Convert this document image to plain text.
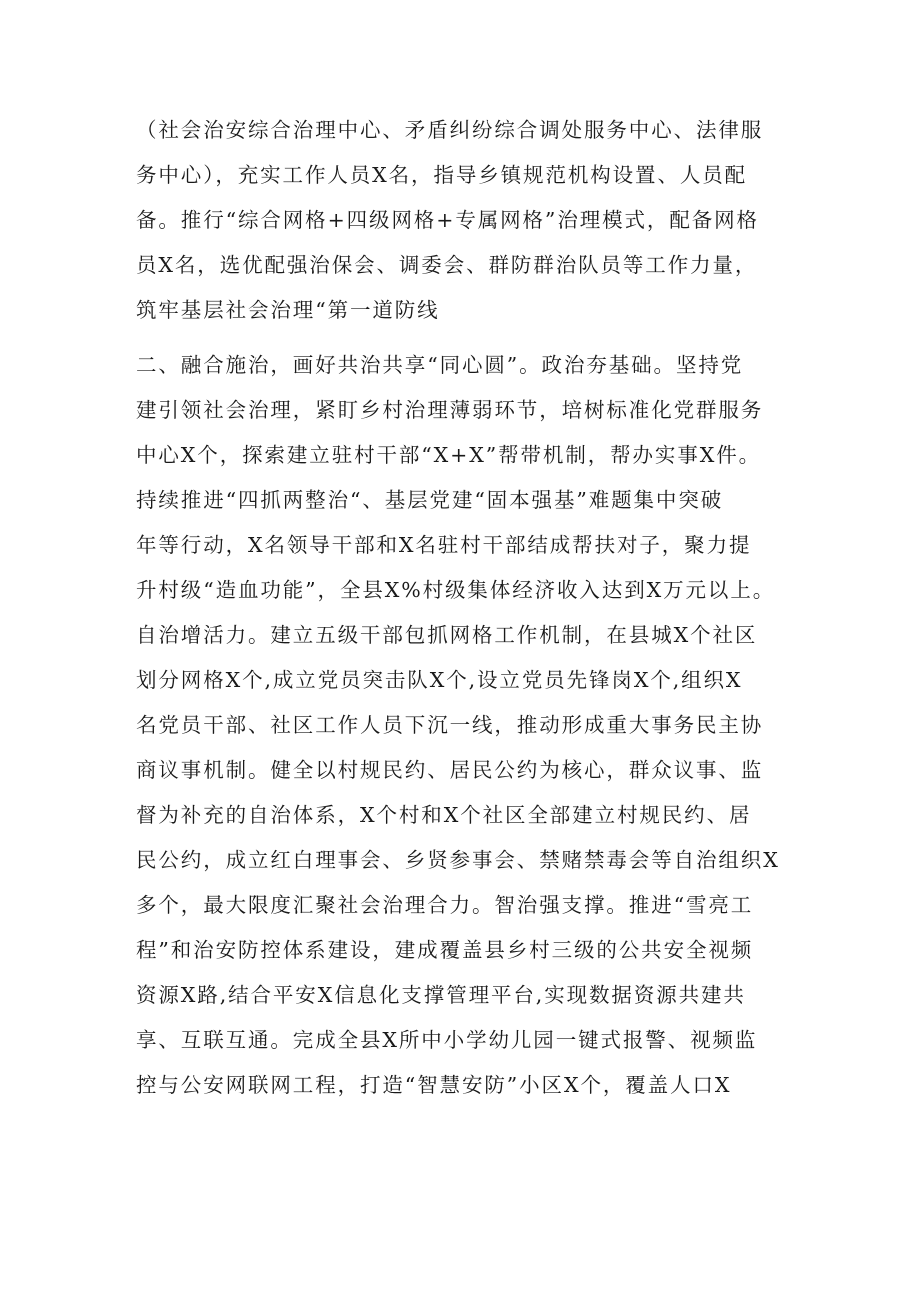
（社会治安综合治理中心、矛盾纠纷综合调处服务中心、法律服
务中心），充实工作人员X名，指导乡镇规范机构设置、人员配
备。推行“综合网格+四级网格+专属网格”治理模式，配备网格
员X名，选优配强治保会、调委会、群防群治队员等工作力量，
筑牢基层社会治理“第一道防线
二、融合施治，画好共治共享“同心圆”。政治夯基础。坚持党
建引领社会治理，紧盯乡村治理薄弱环节，培树标准化党群服务
中心X个，探索建立驻村干部“X+X”帮带机制，帮办实事X件。
持续推进“四抓两整治“、基层党建“固本强基”难题集中突破
年等行动，X名领导干部和X名驻村干部结成帮扶对子，聚力提
升村级“造血功能”，全县X%村级集体经济收入达到X万元以上。
自治增活力。建立五级干部包抓网格工作机制，在县城X个社区
划分网格X个,成立党员突击队X个,设立党员先锋岗X个,组织X
名党员干部、社区工作人员下沉一线，推动形成重大事务民主协
商议事机制。健全以村规民约、居民公约为核心，群众议事、监
督为补充的自治体系，X个村和X个社区全部建立村规民约、居
民公约，成立红白理事会、乡贤参事会、禁赌禁毒会等自治组织X
多个，最大限度汇聚社会治理合力。智治强支撑。推进“雪亮工
程”和治安防控体系建设，建成覆盖县乡村三级的公共安全视频
资源X路,结合平安X信息化支撑管理平台,实现数据资源共建共
享、互联互通。完成全县X所中小学幼儿园一键式报警、视频监
控与公安网联网工程，打造“智慧安防”小区X个，覆盖人口X
